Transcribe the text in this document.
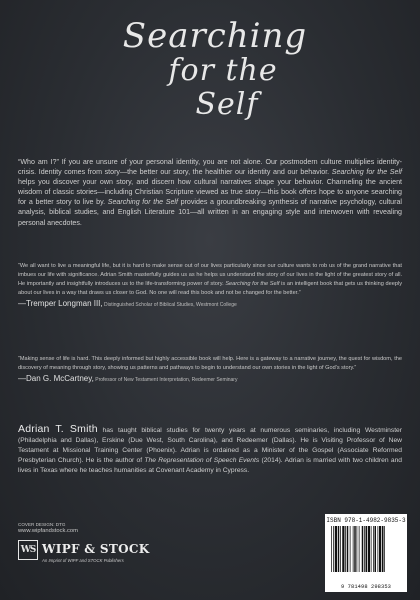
Searching
for the
Self
“Who am I?” If you are unsure of your personal identity, you are not alone. Our postmodern culture multiplies identity-crisis. Identity comes from story—the better our story, the healthier our identity and our behavior. Searching for the Self helps you discover your own story, and discern how cultural narratives shape your behavior. Channeling the ancient wisdom of classic stories—including Christian Scripture viewed as true story—this book offers hope to anyone searching for a better story to live by. Searching for the Self provides a groundbreaking synthesis of narrative psychology, cultural analysis, biblical studies, and English Literature 101—all written in an engaging style and interwoven with revealing personal anecdotes.
“We all want to live a meaningful life, but it is hard to make sense out of our lives particularly since our culture wants to rob us of the grand narrative that imbues our life with significance. Adrian Smith masterfully guides us as he helps us understand the story of our lives in the light of the greatest story of all. He importantly and insightfully introduces us to the life-transforming power of story. Searching for the Self is an intelligent book that gets us thinking deeply about our lives in a way that draws us closer to God. No one will read this book and not be changed for the better.”
—Tremper Longman III, Distinguished Scholar of Biblical Studies, Westmont College
“Making sense of life is hard. This deeply informed but highly accessible book will help. Here is a gateway to a narrative journey, the quest for wisdom, the discovery of meaning through story, showing us patterns and pathways to begin to understand our own stories in the light of God’s story.”
—Dan G. McCartney, Professor of New Testament Interpretation, Redeemer Seminary
Adrian T. Smith has taught biblical studies for twenty years at numerous seminaries, including Westminster (Philadelphia and Dallas), Erskine (Due West, South Carolina), and Redeemer (Dallas). He is Visiting Professor of New Testament at Missional Training Center (Phoenix). Adrian is ordained as a Minister of the Gospel (Associate Reformed Presbyterian Church). He is the author of The Representation of Speech Events (2014). Adrian is married with two children and lives in Texas where he teaches humanities at Covenant Academy in Cypress.
COVER DESIGN: DTG
www.wipfandstock.com
WS WIPF & STOCK
An Imprint of WIPF and STOCK Publishers
ISBN 978-1-4982-9835-3
9 781498 298353
